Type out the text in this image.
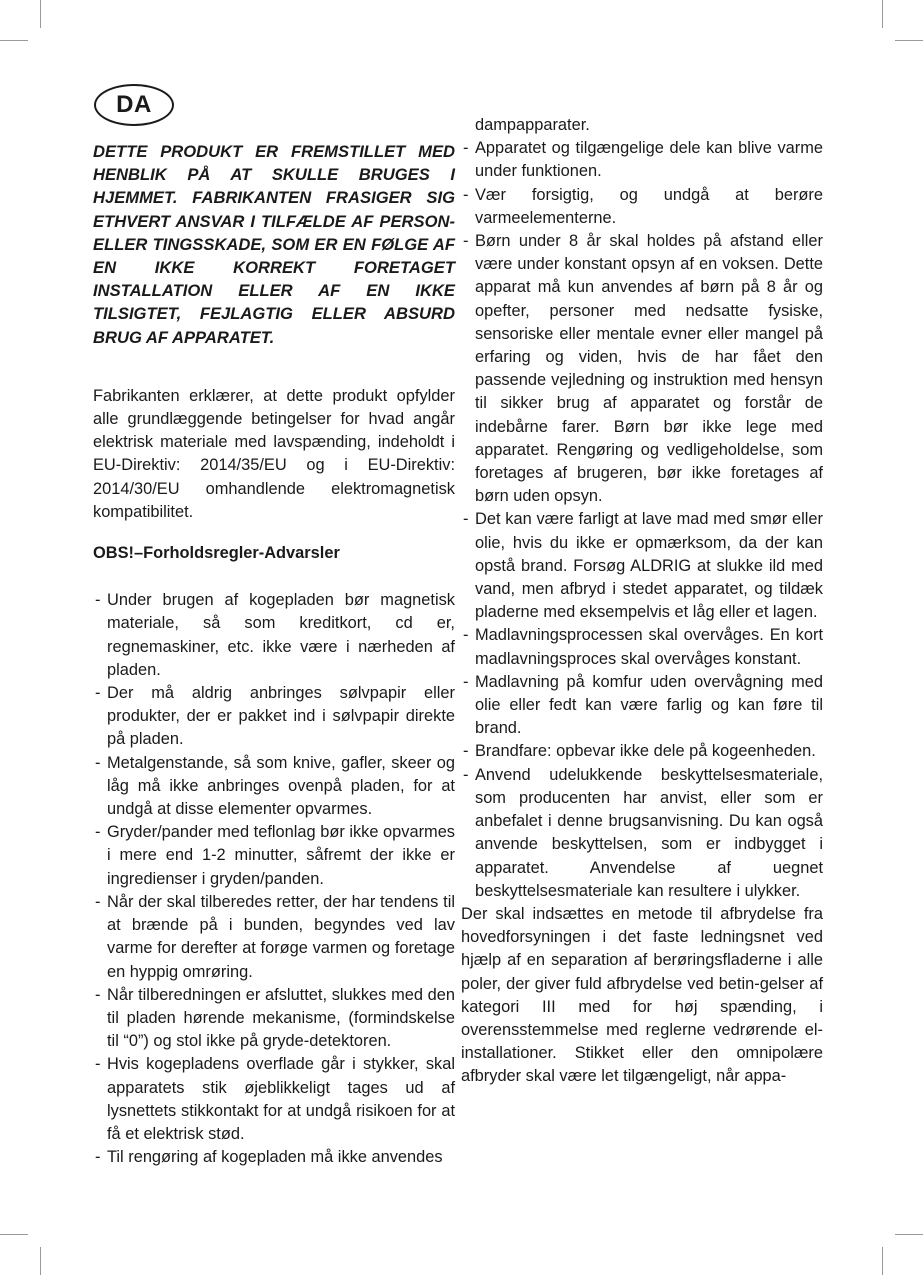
DA

DETTE PRODUKT ER FREMSTILLET MED HENBLIK PÅ AT SKULLE BRUGES I HJEMMET. FABRIKANTEN FRASIGER SIG ETHVERT ANSVAR I TILFÆLDE AF PERSON- ELLER TINGSSKADE, SOM ER EN FØLGE AF EN IKKE KORREKT FORETAGET INSTALLATION ELLER AF EN IKKE TILSIGTET, FEJLAGTIG ELLER ABSURD BRUG AF APPARATET.

Fabrikanten erklærer, at dette produkt opfylder alle grundlæggende betingelser for hvad angår elektrisk materiale med lavspænding, indeholdt i EU-Direktiv: 2014/35/EU og i EU-Direktiv: 2014/30/EU omhandlende elektromagnetisk kompatibilitet.

OBS!–Forholdsregler-Advarsler

- Under brugen af kogepladen bør magnetisk materiale, så som kreditkort, cd er, regnemaskiner, etc. ikke være i nærheden af pladen.
- Der må aldrig anbringes sølvpapir eller produkter, der er pakket ind i sølvpapir direkte på pladen.
- Metalgenstande, så som knive, gafler, skeer og låg må ikke anbringes ovenpå pladen, for at undgå at disse elementer opvarmes.
- Gryder/pander med teflonlag bør ikke opvarmes i mere end 1-2 minutter, såfremt der ikke er ingredienser i gryden/panden.
- Når der skal tilberedes retter, der har tendens til at brænde på i bunden, begyndes ved lav varme for derefter at forøge varmen og foretage en hyppig omrøring.
- Når tilberedningen er afsluttet, slukkes med den til pladen hørende mekanisme, (formindskelse til “0”) og stol ikke på gryde-detektoren.
- Hvis kogepladens overflade går i stykker, skal apparatets stik øjeblikkeligt tages ud af lysnettets stikkontakt for at undgå risikoen for at få et elektrisk stød.
- Til rengøring af kogepladen må ikke anvendes
dampapparater.
- Apparatet og tilgængelige dele kan blive varme under funktionen.
- Vær forsigtig, og undgå at berøre varmeelementerne.
- Børn under 8 år skal holdes på afstand eller være under konstant opsyn af en voksen. Dette apparat må kun anvendes af børn på 8 år og opefter, personer med nedsatte fysiske, sensoriske eller mentale evner eller mangel på erfaring og viden, hvis de har fået den passende vejledning og instruktion med hensyn til sikker brug af apparatet og forstår de indebårne farer. Børn bør ikke lege med apparatet. Rengøring og vedligeholdelse, som foretages af brugeren, bør ikke foretages af børn uden opsyn.
- Det kan være farligt at lave mad med smør eller olie, hvis du ikke er opmærksom, da der kan opstå brand. Forsøg ALDRIG at slukke ild med vand, men afbryd i stedet apparatet, og tildæk pladerne med eksempelvis et låg eller et lagen.
- Madlavningsprocessen skal overvåges. En kort madlavningsproces skal overvåges konstant.
- Madlavning på komfur uden overvågning med olie eller fedt kan være farlig og kan føre til brand.
- Brandfare: opbevar ikke dele på kogeenheden.
- Anvend udelukkende beskyttelsesmateriale, som producenten har anvist, eller som er anbefalet i denne brugsanvisning. Du kan også anvende beskyttelsen, som er indbygget i apparatet. Anvendelse af uegnet beskyttelsesmateriale kan resultere i ulykker.

Der skal indsættes en metode til afbrydelse fra hovedforsyningen i det faste ledningsnet ved hjælp af en separation af berøringsfladerne i alle poler, der giver fuld afbrydelse ved betin-gelser af kategori III med for høj spænding, i overensstemmelse med reglerne vedrørende el-installationer. Stikket eller den omnipolære afbryder skal være let tilgængeligt, når appa-
